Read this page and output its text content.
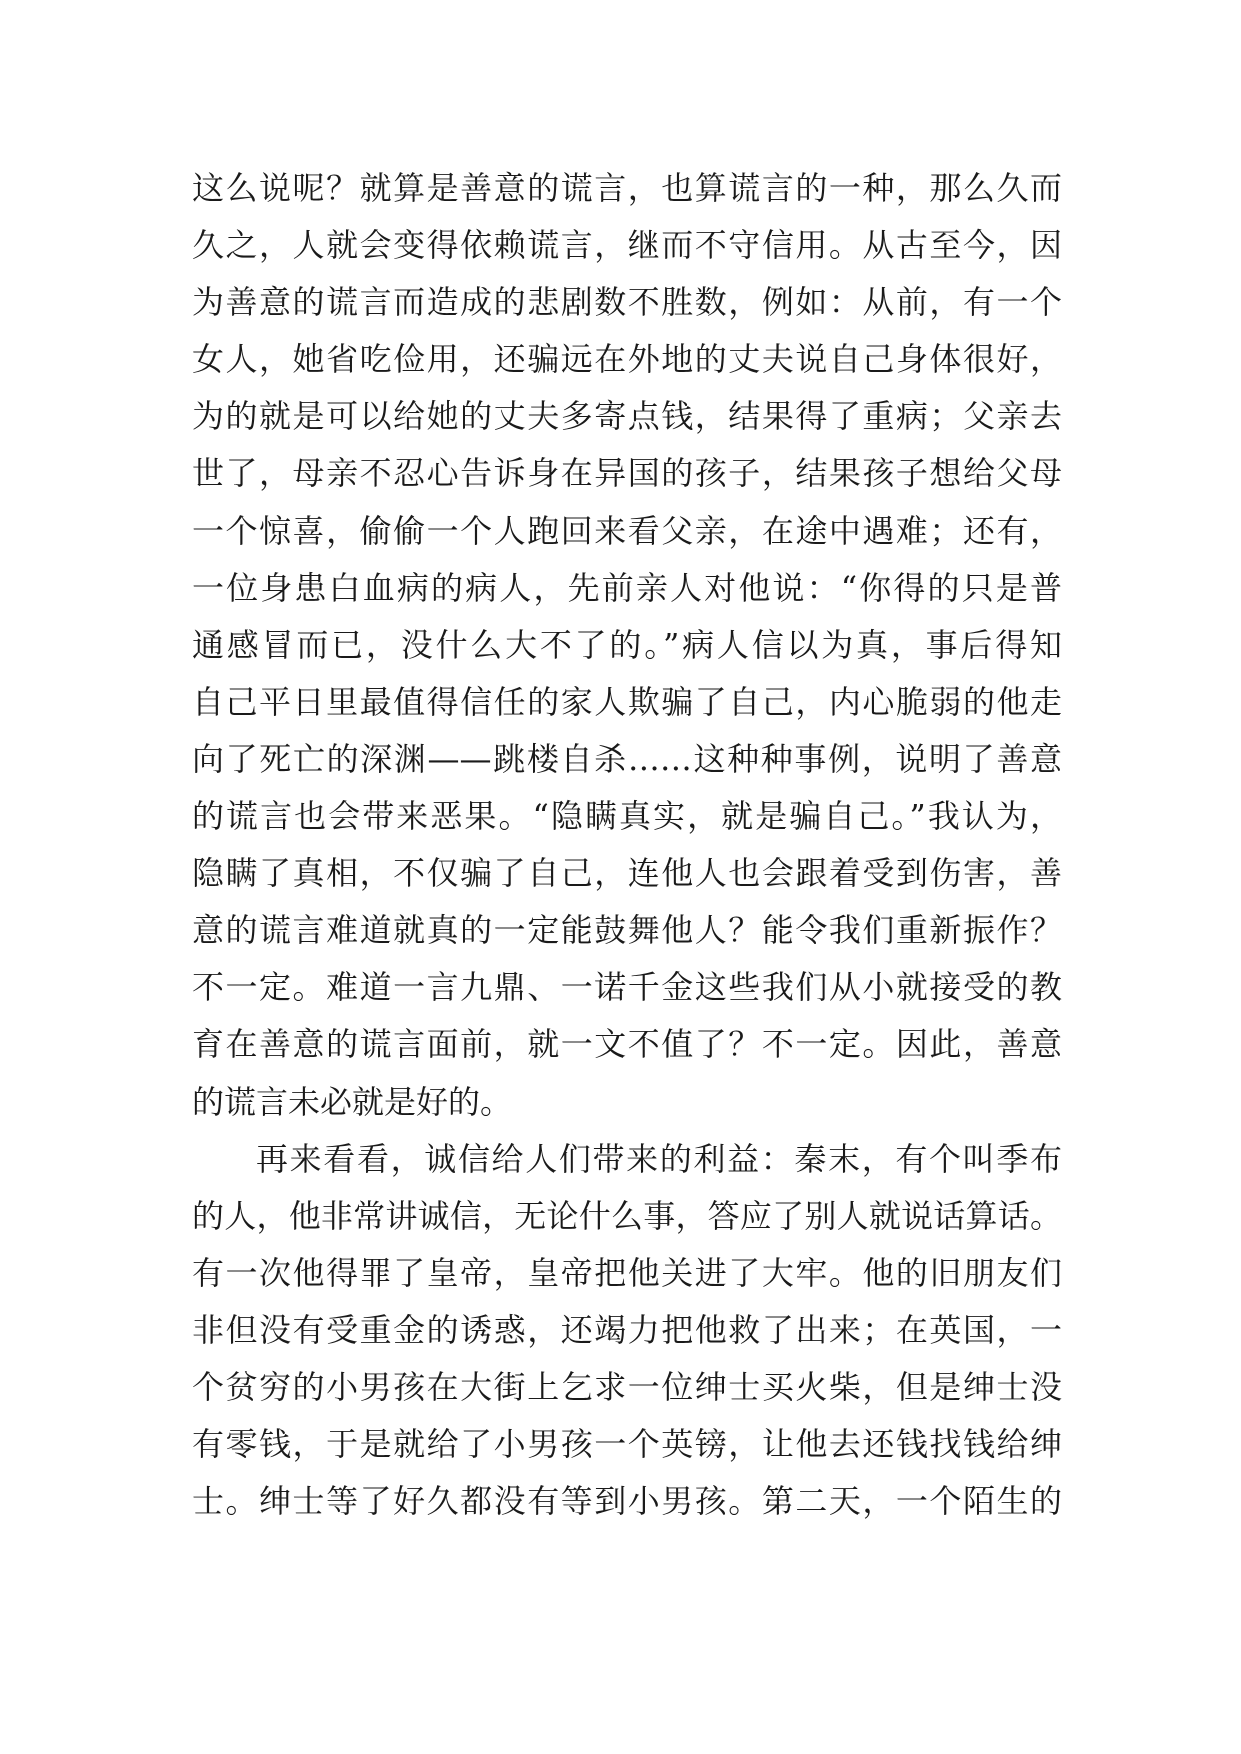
这么说呢？就算是善意的谎言，也算谎言的一种，那么久而
久之，人就会变得依赖谎言，继而不守信用。从古至今，因
为善意的谎言而造成的悲剧数不胜数，例如：从前，有一个
女人，她省吃俭用，还骗远在外地的丈夫说自己身体很好，
为的就是可以给她的丈夫多寄点钱，结果得了重病；父亲去
世了，母亲不忍心告诉身在异国的孩子，结果孩子想给父母
一个惊喜，偷偷一个人跑回来看父亲，在途中遇难；还有，
一位身患白血病的病人，先前亲人对他说：“你得的只是普
通感冒而已，没什么大不了的。”病人信以为真，事后得知
自己平日里最值得信任的家人欺骗了自己，内心脆弱的他走
向了死亡的深渊——跳楼自杀……这种种事例，说明了善意
的谎言也会带来恶果。“隐瞒真实，就是骗自己。”我认为，
隐瞒了真相，不仅骗了自己，连他人也会跟着受到伤害，善
意的谎言难道就真的一定能鼓舞他人？能令我们重新振作？
不一定。难道一言九鼎、一诺千金这些我们从小就接受的教
育在善意的谎言面前，就一文不值了？不一定。因此，善意
的谎言未必就是好的。
再来看看，诚信给人们带来的利益：秦末，有个叫季布
的人，他非常讲诚信，无论什么事，答应了别人就说话算话。
有一次他得罪了皇帝，皇帝把他关进了大牢。他的旧朋友们
非但没有受重金的诱惑，还竭力把他救了出来；在英国，一
个贫穷的小男孩在大街上乞求一位绅士买火柴，但是绅士没
有零钱，于是就给了小男孩一个英镑，让他去还钱找钱给绅
士。绅士等了好久都没有等到小男孩。第二天，一个陌生的
